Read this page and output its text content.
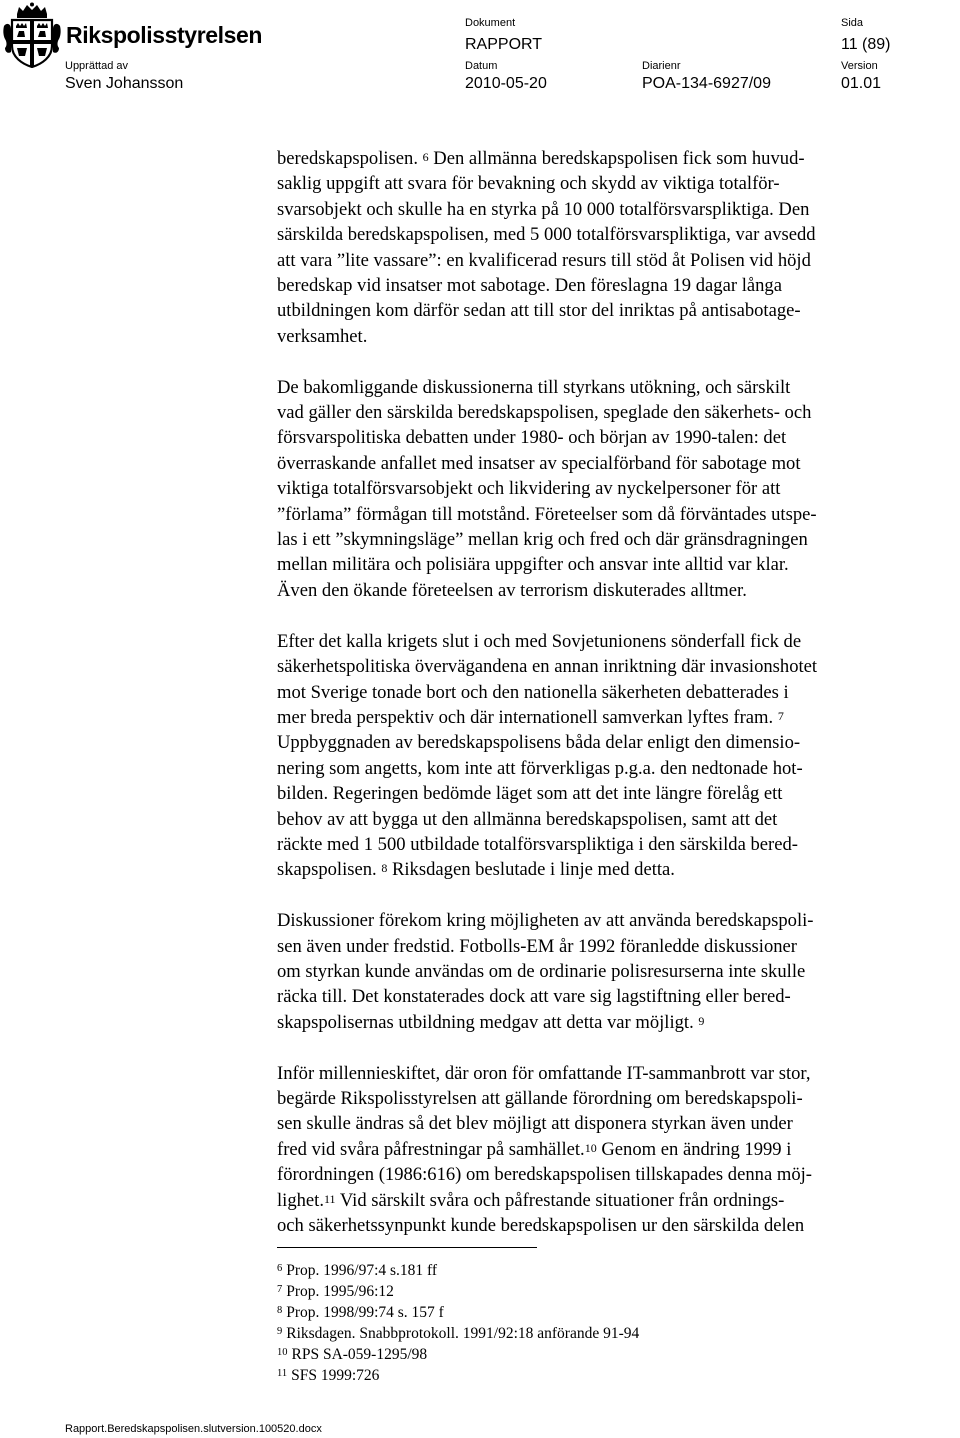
Rikspolisstyrelsen	Dokument
RAPPORT
Sida
11 (89)
Upprättad av
Sven Johansson
Datum
2010-05-20
Diarienr
POA-134-6927/09
Version
01.01

beredskapspolisen. $^6$ Den allmänna beredskapspolisen fick som huvud-
saklig uppgift att svara för bevakning och skydd av viktiga totalför-
svarsobjekt och skulle ha en styrka på 10 000 totalförsvarspliktiga. Den
särskilda beredskapspolisen, med 5 000 totalförsvarspliktiga, var avsedd
att vara ”lite vassare”: en kvalificerad resurs till stöd åt Polisen vid höjd
beredskap vid insatser mot sabotage. Den föreslagna 19 dagar långa
utbildningen kom därför sedan att till stor del inriktas på antisabotage-
verksamhet.

De bakomliggande diskussionerna till styrkans utökning, och särskilt
vad gäller den särskilda beredskapspolisen, speglade den säkerhets- och
försvarspolitiska debatten under 1980- och början av 1990-talen: det
överraskande anfallet med insatser av specialförband för sabotage mot
viktiga totalförsvarsobjekt och likvidering av nyckelpersoner för att
”förlama” förmågan till motstånd. Företeelser som då förväntades utspe-
las i ett ”skymningsläge” mellan krig och fred och där gränsdragningen
mellan militära och polisiära uppgifter och ansvar inte alltid var klar.
Även den ökande företeelsen av terrorism diskuterades alltmer.

Efter det kalla krigets slut i och med Sovjetunionens sönderfall fick de
säkerhetspolitiska övervägandena en annan inriktning där invasionshotet
mot Sverige tonade bort och den nationella säkerheten debatterades i
mer breda perspektiv och där internationell samverkan lyftes fram. $^7$
Uppbyggnaden av beredskapspolisens båda delar enligt den dimensio-
nering som angetts, kom inte att förverkligas p.g.a. den nedtonade hot-
bilden. Regeringen bedömde läget som att det inte längre förelåg ett
behov av att bygga ut den allmänna beredskapspolisen, samt att det
räckte med 1 500 utbildade totalförsvarspliktiga i den särskilda bered-
skapspolisen. $^8$ Riksdagen beslutade i linje med detta.

Diskussioner förekom kring möjligheten av att använda beredskapspoli-
sen även under fredstid. Fotbolls-EM år 1992 föranledde diskussioner
om styrkan kunde användas om de ordinarie polisresurserna inte skulle
räcka till. Det konstaterades dock att vare sig lagstiftning eller bered-
skapspolisernas utbildning medgav att detta var möjligt. $^9$

Inför millennieskiftet, där oron för omfattande IT-sammanbrott var stor,
begärde Rikspolisstyrelsen att gällande förordning om beredskapspoli-
sen skulle ändras så det blev möjligt att disponera styrkan även under
fred vid svåra påfrestningar på samhället.$^{10}$ Genom en ändring 1999 i
förordningen (1986:616) om beredskapspolisen tillskapades denna möj-
lighet.$^{11}$ Vid särskilt svåra och påfrestande situationer från ordnings-
och säkerhetssynpunkt kunde beredskapspolisen ur den särskilda delen

$^6$ Prop. 1996/97:4 s.181 ff
$^7$ Prop. 1995/96:12
$^8$ Prop. 1998/99:74 s. 157 f
$^9$ Riksdagen. Snabbprotokoll. 1991/92:18 anförande 91-94
$^{10}$ RPS SA-059-1295/98
$^{11}$ SFS 1999:726
Rapport.Beredskapspolisen.slutversion.100520.docx
